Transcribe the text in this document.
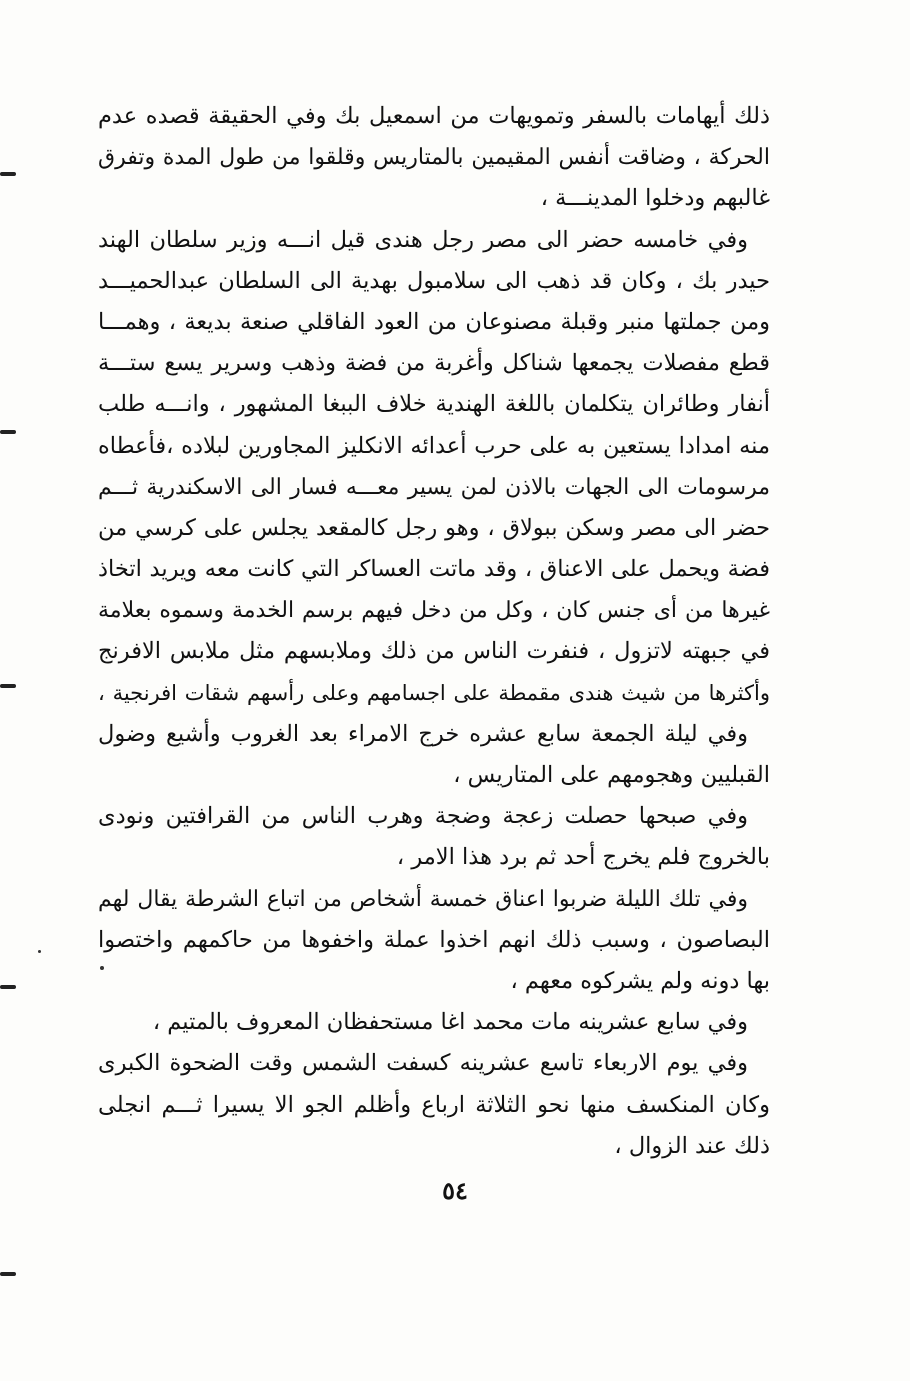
ذلك أيهامات بالسفر وتمويهات من اسمعيل بك وفي الحقيقة قصده عدم
الحركة ، وضاقت أنفس المقيمين بالمتاريس وقلقوا من طول المدة وتفرق
غالبهم ودخلوا المدينـــة ،
وفي خامسه حضر الى مصر رجل هندى قيل انـــه وزير سلطان الهند
حيدر بك ، وكان قد ذهب الى سلامبول بهدية الى السلطان عبدالحميـــد
ومن جملتها منبر وقبلة مصنوعان من العود الفاقلي صنعة بديعة ، وهمـــا
قطع مفصلات يجمعها شناكل وأغربة من فضة وذهب وسرير يسع ستـــة
أنفار وطائران يتكلمان باللغة الهندية خلاف الببغا المشهور ، وانـــه طلب
منه امدادا يستعين به على حرب أعدائه الانكليز المجاورين لبلاده ،فأعطاه
مرسومات الى الجهات بالاذن لمن يسير معـــه فسار الى الاسكندرية ثـــم
حضر الى مصر وسكن ببولاق ، وهو رجل كالمقعد يجلس على كرسي من
فضة ويحمل على الاعناق ، وقد ماتت العساكر التي كانت معه ويريد اتخاذ
غيرها من أى جنس كان ، وكل من دخل فيهم برسم الخدمة وسموه بعلامة
في جبهته لاتزول ، فنفرت الناس من ذلك وملابسهم مثل ملابس الافرنج
وأكثرها من شيث هندى مقمطة على اجسامهم وعلى رأسهم شقات افرنجية ،
وفي ليلة الجمعة سابع عشره خرج الامراء بعد الغروب وأشيع وضول
القبليين وهجومهم على المتاريس ،
وفي صبحها حصلت زعجة وضجة وهرب الناس من القرافتين ونودى
بالخروج فلم يخرج أحد ثم برد هذا الامر ،
وفي تلك الليلة ضربوا اعناق خمسة أشخاص من اتباع الشرطة يقال لهم
البصاصون ، وسبب ذلك انهم اخذوا عملة واخفوها من حاكمهم واختصوا
بها دونه ولم يشركوه معهم ،
وفي سابع عشرينه مات محمد اغا مستحفظان المعروف بالمتيم ،
وفي يوم الاربعاء تاسع عشرينه كسفت الشمس وقت الضحوة الكبرى
وكان المنكسف منها نحو الثلاثة ارباع وأظلم الجو الا يسيرا ثـــم انجلى
ذلك عند الزوال ،
٥٤
